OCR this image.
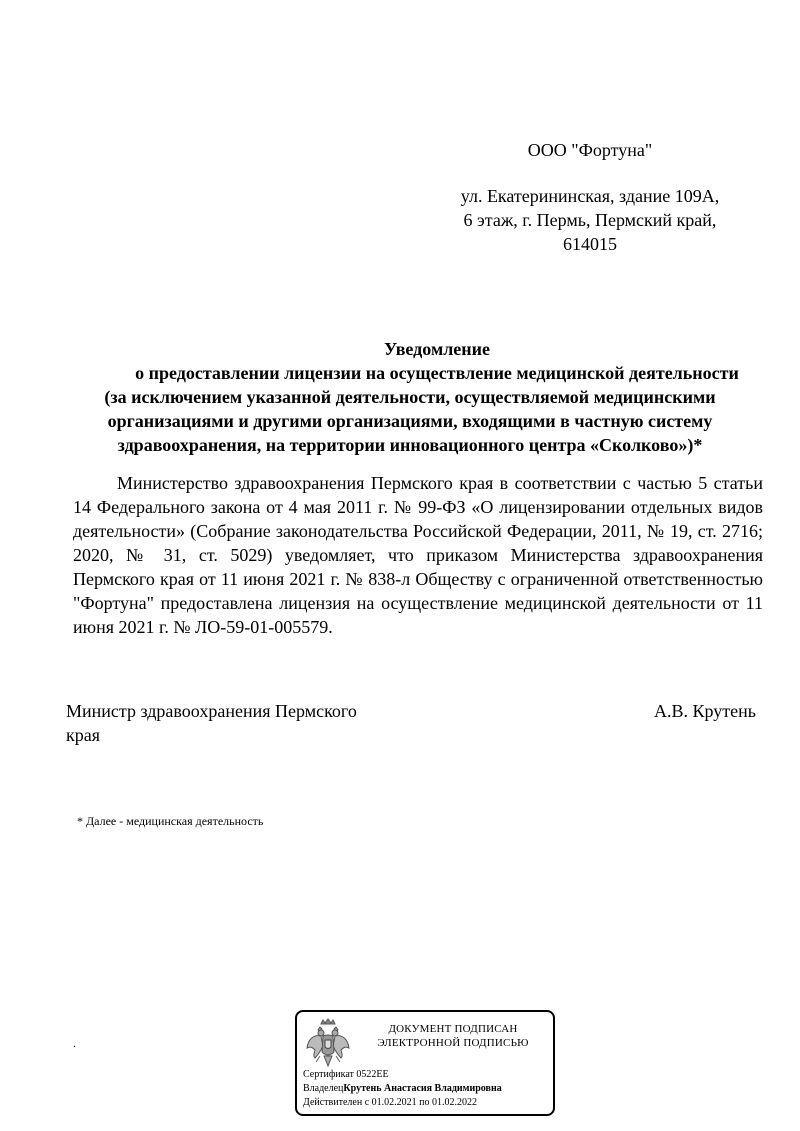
ООО "Фортуна"
ул. Екатерининская, здание 109А,
6 этаж, г. Пермь, Пермский край,
614015
Уведомление
о предоставлении лицензии на осуществление медицинской деятельности
(за исключением указанной деятельности, осуществляемой медицинскими
организациями и другими организациями, входящими в частную систему
здравоохранения, на территории инновационного центра «Сколково»)*
Министерство здравоохранения Пермского края в соответствии с частью 5 статьи 14 Федерального закона от 4 мая 2011 г. № 99-ФЗ «О лицензировании отдельных видов деятельности» (Собрание законодательства Российской Федерации, 2011, № 19, ст. 2716; 2020, № 31, ст. 5029) уведомляет, что приказом Министерства здравоохранения Пермского края от 11 июня 2021 г. № 838-л Обществу с ограниченной ответственностью "Фортуна" предоставлена лицензия на осуществление медицинской деятельности от 11 июня 2021 г. № ЛО-59-01-005579.
Министр здравоохранения Пермского края
А.В. Крутень
* Далее - медицинская деятельность
.
ДОКУМЕНТ ПОДПИСАН
ЭЛЕКТРОННОЙ ПОДПИСЬЮ
Сертификат 0522EE
ВладелецКрутень Анастасия Владимировна
Действителен с 01.02.2021 по 01.02.2022
